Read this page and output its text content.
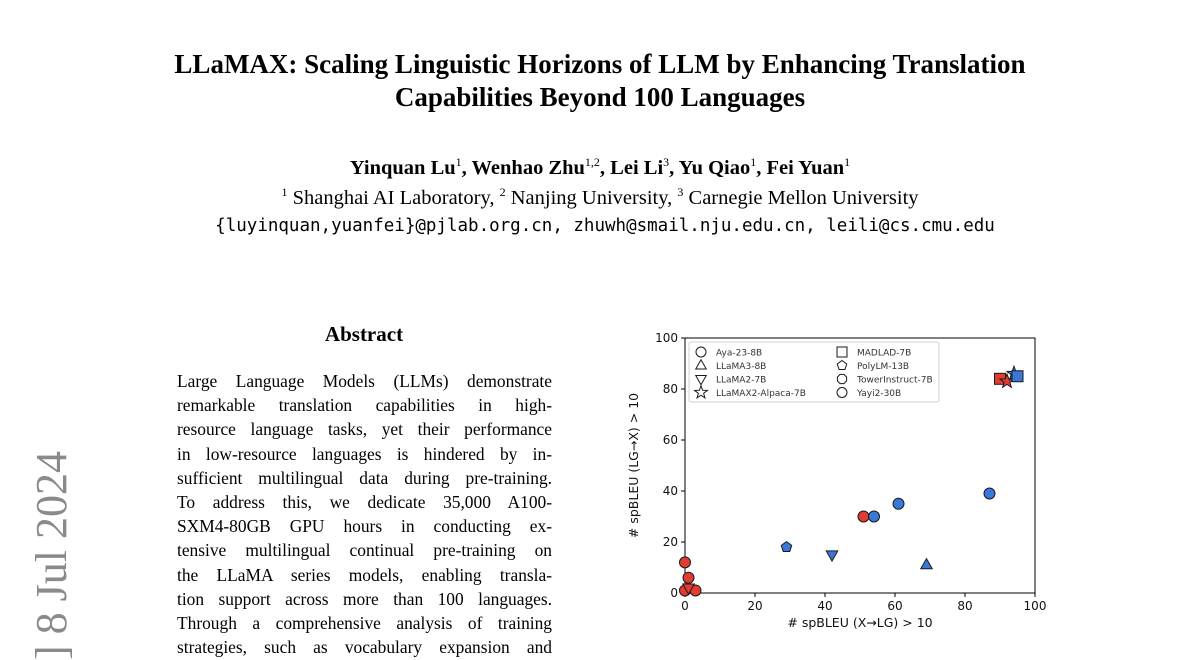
LLaMAX: Scaling Linguistic Horizons of LLM by Enhancing Translation
Capabilities Beyond 100 Languages
Yinquan Lu$^1$, Wenhao Zhu$^{1,2}$, Lei Li$^3$, Yu Qiao$^1$, Fei Yuan$^1$
$^1$ Shanghai AI Laboratory, $^2$ Nanjing University, $^3$ Carnegie Mellon University
{luyinquan,yuanfei}@pjlab.org.cn, zhuwh@smail.nju.edu.cn, leili@cs.cmu.edu
] 8 Jul 2024
Abstract
Large Language Models (LLMs) demonstrate
remarkable translation capabilities in high-
resource language tasks, yet their performance
in low-resource languages is hindered by in-
sufficient multilingual data during pre-training.
To address this, we dedicate 35,000 A100-
SXM4-80GB GPU hours in conducting ex-
tensive multilingual continual pre-training on
the LLaMA series models, enabling transla-
tion support across more than 100 languages.
Through a comprehensive analysis of training
strategies, such as vocabulary expansion and
0	20	40	60	80	100
0
20
40
60
80
100
# spBLEU (X→LG) > 10
# spBLEU (LG→X) > 10
Aya-23-8B
LLaMA3-8B
LLaMA2-7B
LLaMAX2-Alpaca-7B
MADLAD-7B
PolyLM-13B
TowerInstruct-7B
Yayi2-30B
